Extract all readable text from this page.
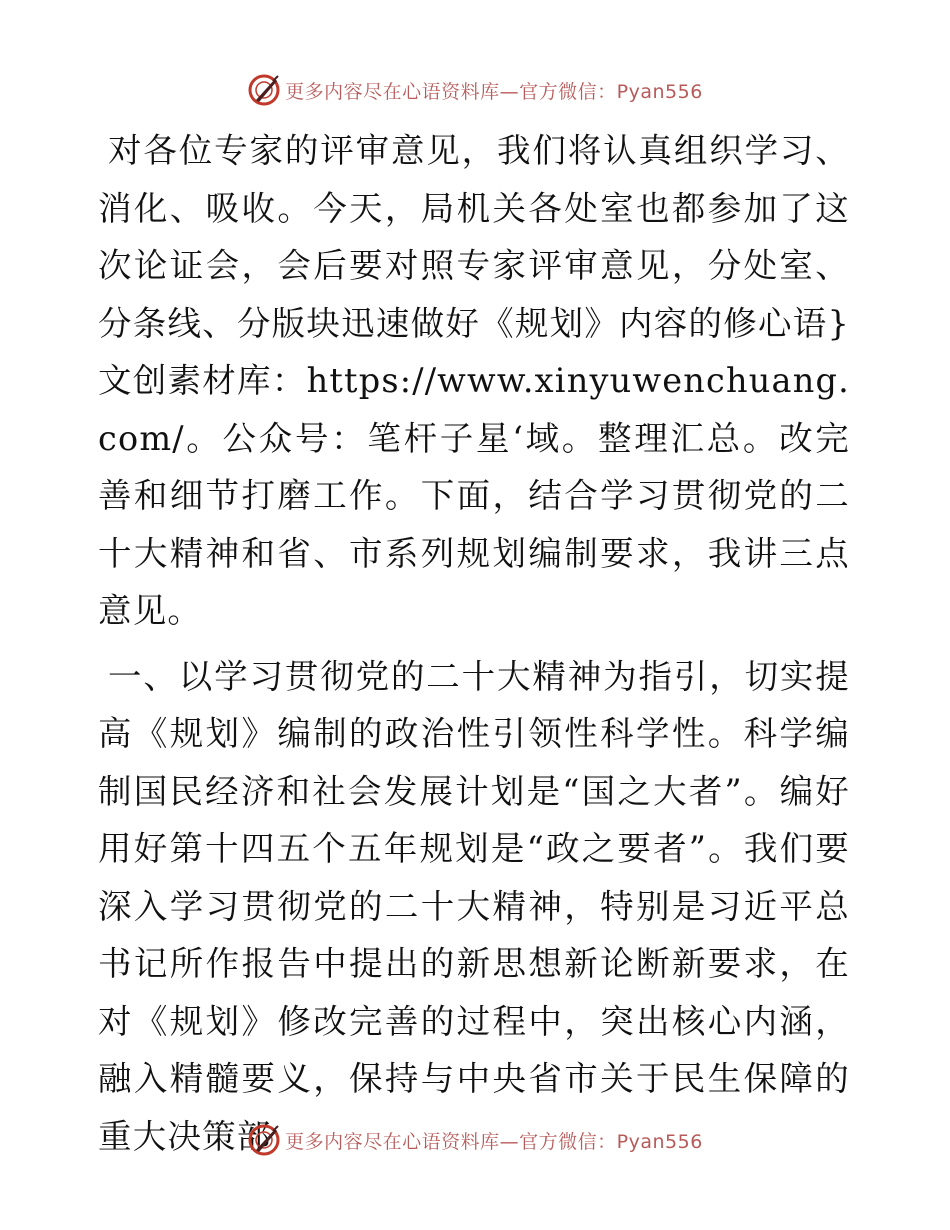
更多内容尽在心语资料库—官方微信：Pyan556

对各位专家的评审意见，我们将认真组织学习、消化、吸收。今天，局机关各处室也都参加了这次论证会，会后要对照专家评审意见，分处室、分条线、分版块迅速做好《规划》内容的修心语}文创素材库：https://www.xinyuwenchuang.com/。公众号：笔杆子星‘域。整理汇总。改完善和细节打磨工作。下面，结合学习贯彻党的二十大精神和省、市系列规划编制要求，我讲三点意见。

一、以学习贯彻党的二十大精神为指引，切实提高《规划》编制的政治性引领性科学性。科学编制国民经济和社会发展计划是“国之大者”。编好用好第十四五个五年规划是“政之要者”。我们要深入学习贯彻党的二十大精神，特别是习近平总书记所作报告中提出的新思想新论断新要求，在对《规划》修改完善的过程中，突出核心内涵，融入精髓要义，保持与中央省市关于民生保障的重大决策部 更多内容尽在心语资料库—官方微信：Pyan556
